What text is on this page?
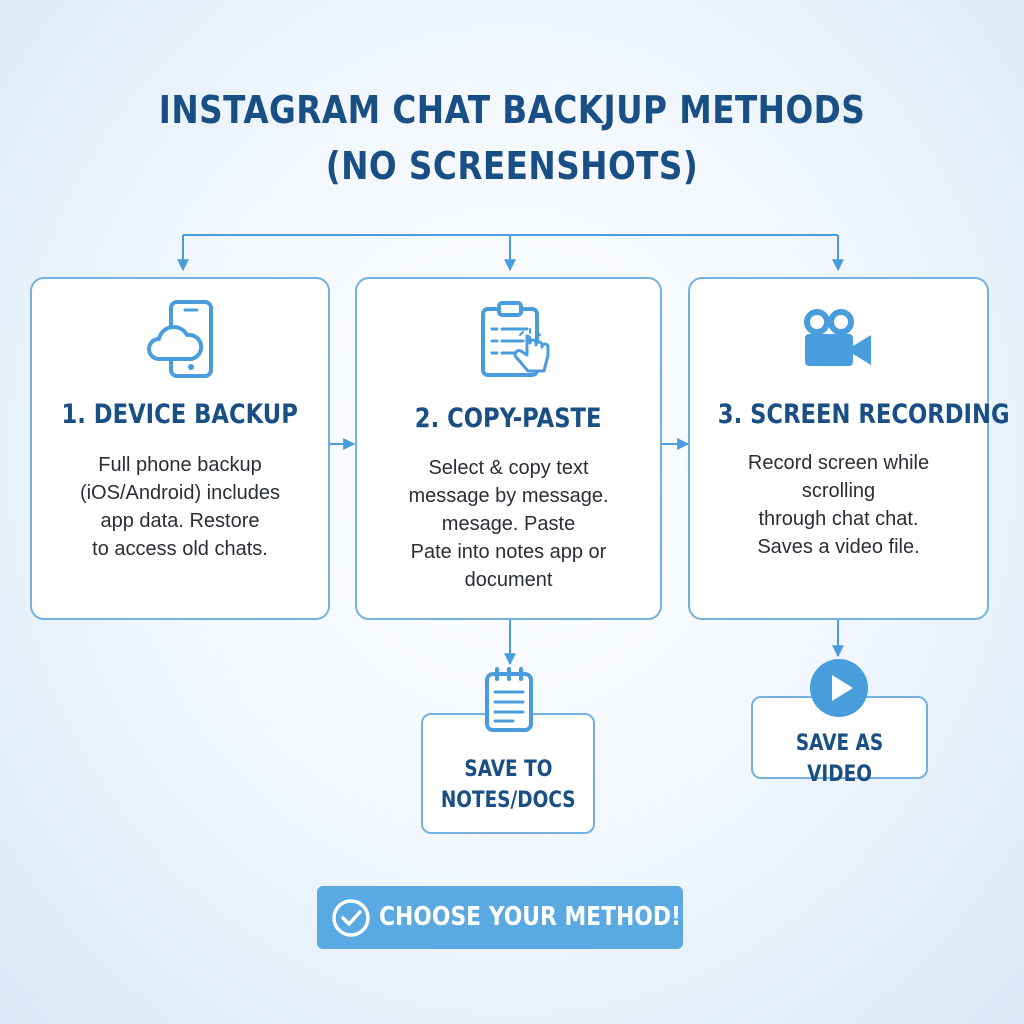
INSTAGRAM CHAT BACKJUP METHODS
(NO SCREENSHOTS)
1. DEVICE BACKUP
Full phone backup
(iOS/Android) includes
app data. Restore
to access old chats.
2. COPY-PASTE
Select & copy text
message by message.
mesage. Paste
Pate into notes app or
document
3. SCREEN RECORDING
Record screen while
scrolling
through chat chat.
Saves a video file.
SAVE TO
NOTES/DOCS
SAVE AS VIDEO
CHOOSE YOUR METHOD!
